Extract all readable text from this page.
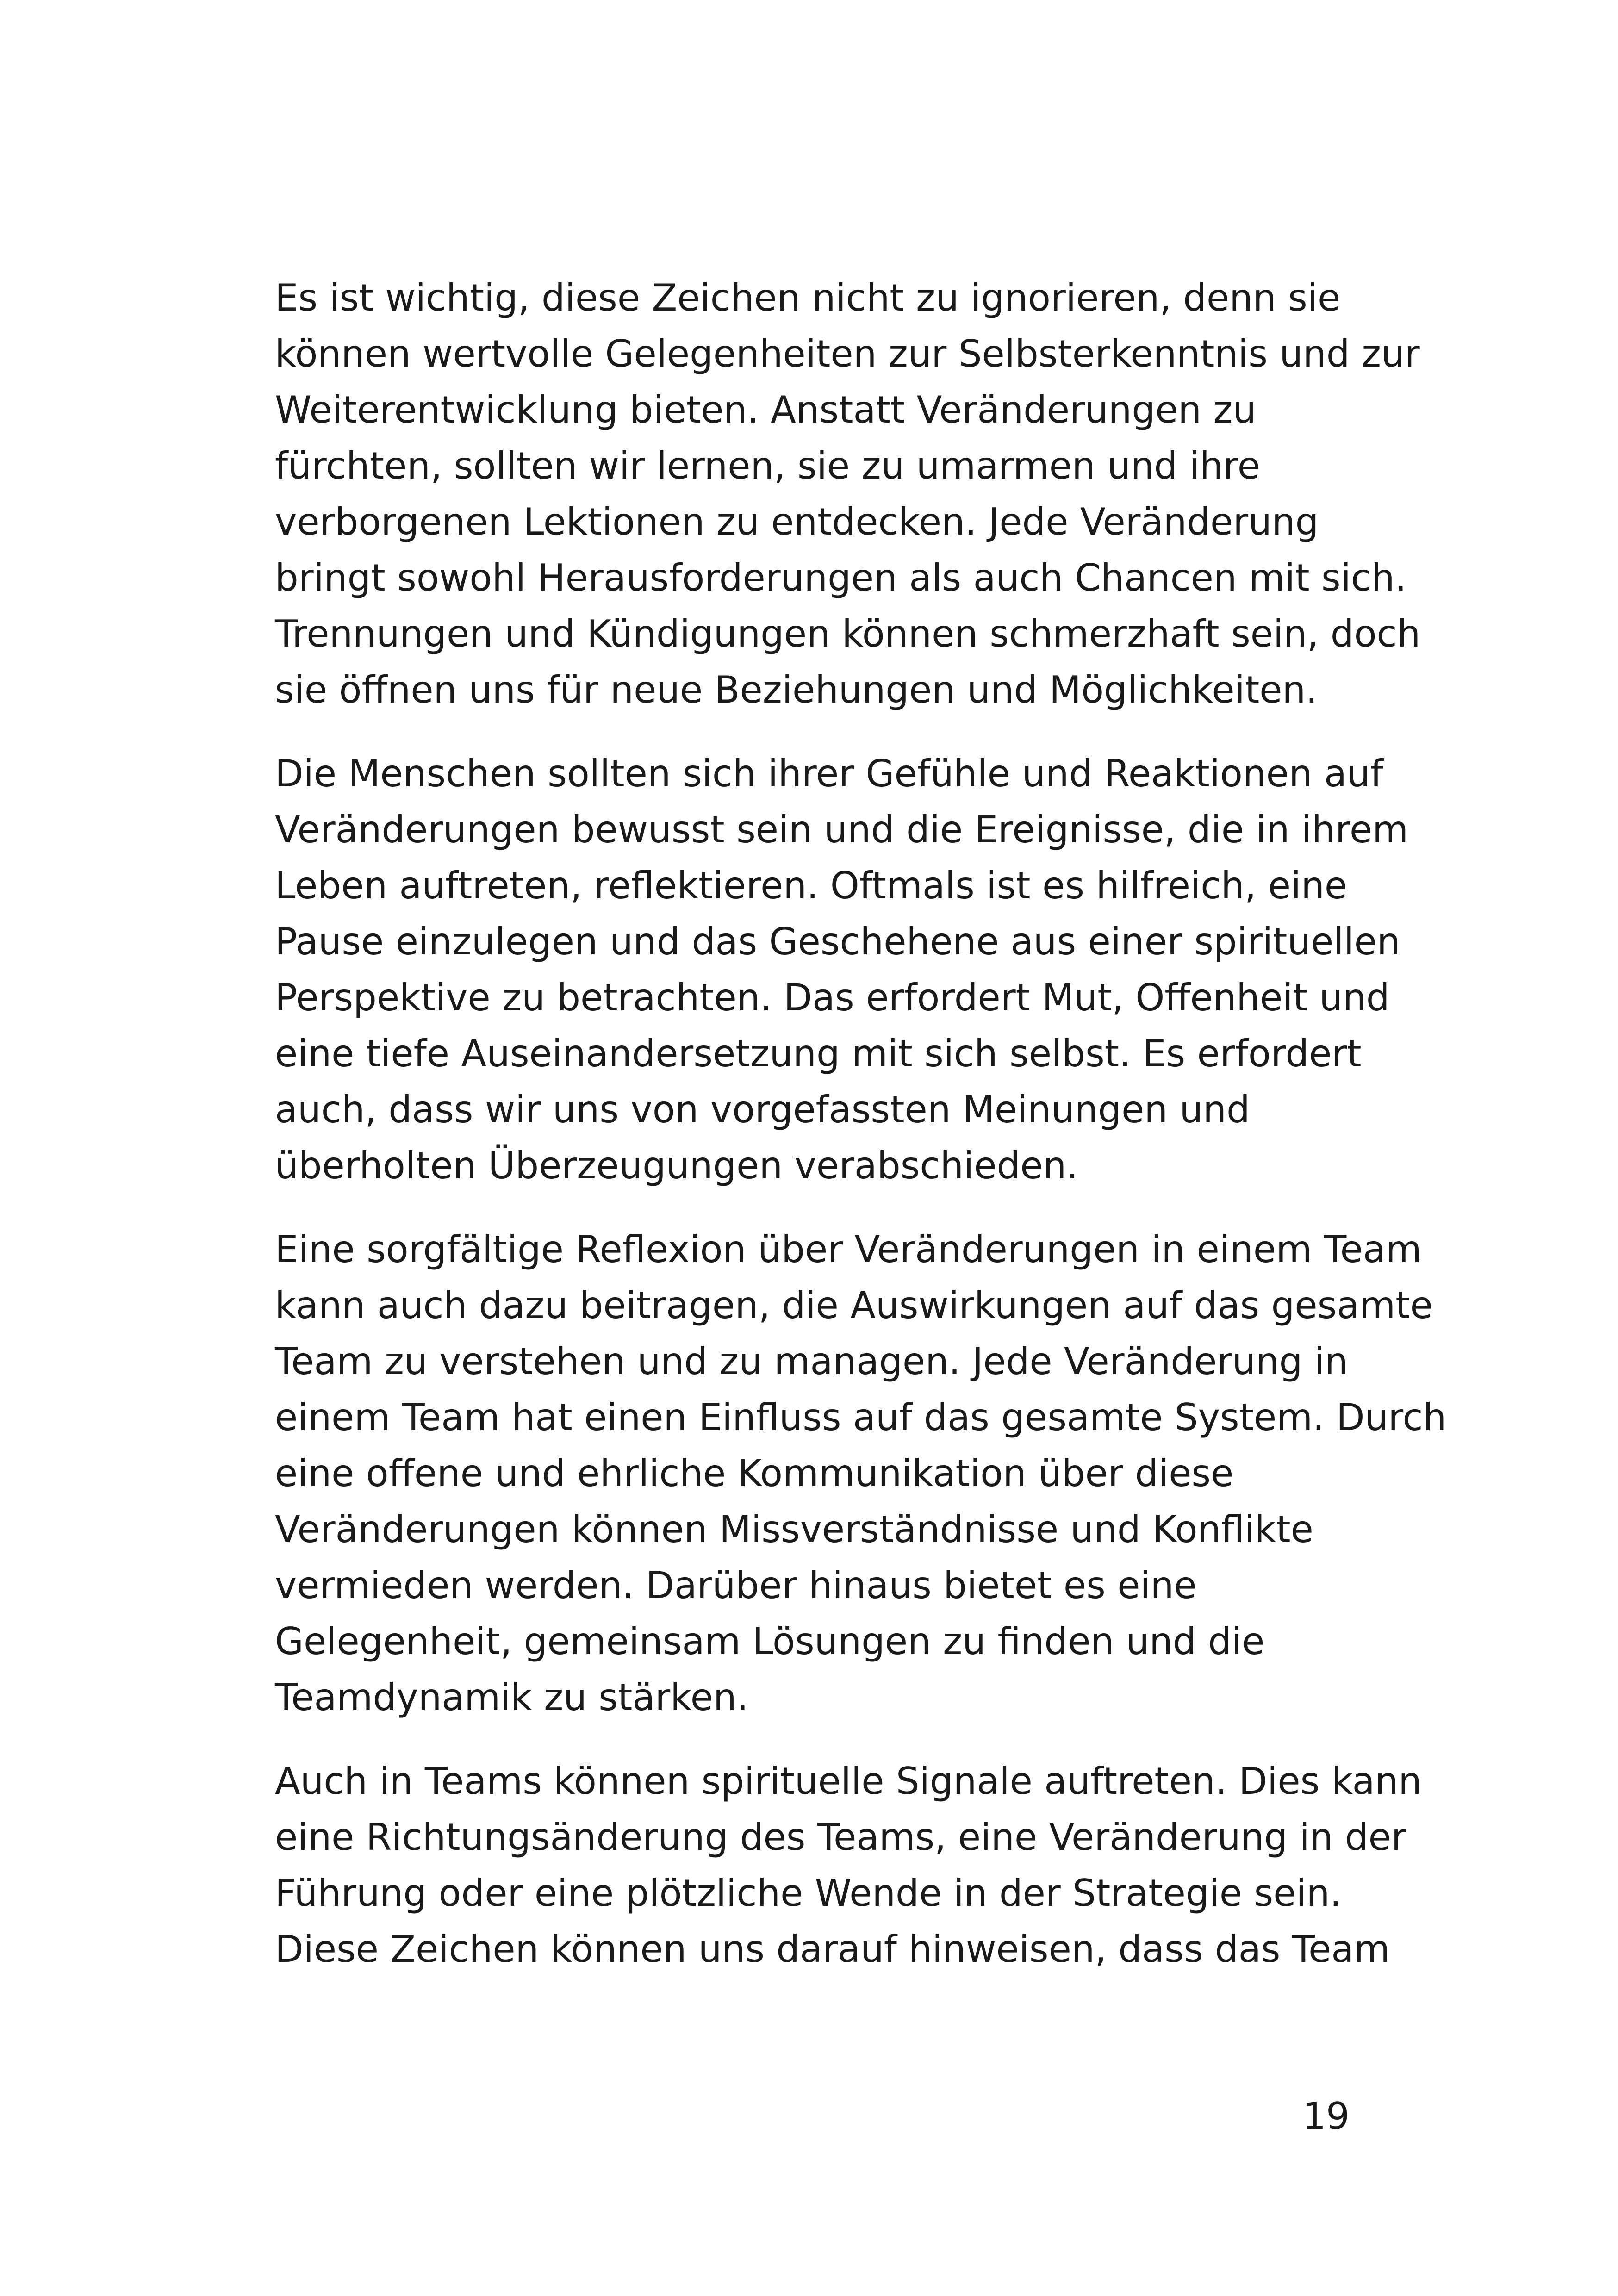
Es ist wichtig, diese Zeichen nicht zu ignorieren, denn sie
können wertvolle Gelegenheiten zur Selbsterkenntnis und zur
Weiterentwicklung bieten. Anstatt Veränderungen zu
fürchten, sollten wir lernen, sie zu umarmen und ihre
verborgenen Lektionen zu entdecken. Jede Veränderung
bringt sowohl Herausforderungen als auch Chancen mit sich.
Trennungen und Kündigungen können schmerzhaft sein, doch
sie öffnen uns für neue Beziehungen und Möglichkeiten.

Die Menschen sollten sich ihrer Gefühle und Reaktionen auf
Veränderungen bewusst sein und die Ereignisse, die in ihrem
Leben auftreten, reflektieren. Oftmals ist es hilfreich, eine
Pause einzulegen und das Geschehene aus einer spirituellen
Perspektive zu betrachten. Das erfordert Mut, Offenheit und
eine tiefe Auseinandersetzung mit sich selbst. Es erfordert
auch, dass wir uns von vorgefassten Meinungen und
überholten Überzeugungen verabschieden.

Eine sorgfältige Reflexion über Veränderungen in einem Team
kann auch dazu beitragen, die Auswirkungen auf das gesamte
Team zu verstehen und zu managen. Jede Veränderung in
einem Team hat einen Einfluss auf das gesamte System. Durch
eine offene und ehrliche Kommunikation über diese
Veränderungen können Missverständnisse und Konflikte
vermieden werden. Darüber hinaus bietet es eine
Gelegenheit, gemeinsam Lösungen zu finden und die
Teamdynamik zu stärken.

Auch in Teams können spirituelle Signale auftreten. Dies kann
eine Richtungsänderung des Teams, eine Veränderung in der
Führung oder eine plötzliche Wende in der Strategie sein.
Diese Zeichen können uns darauf hinweisen, dass das Team

19
